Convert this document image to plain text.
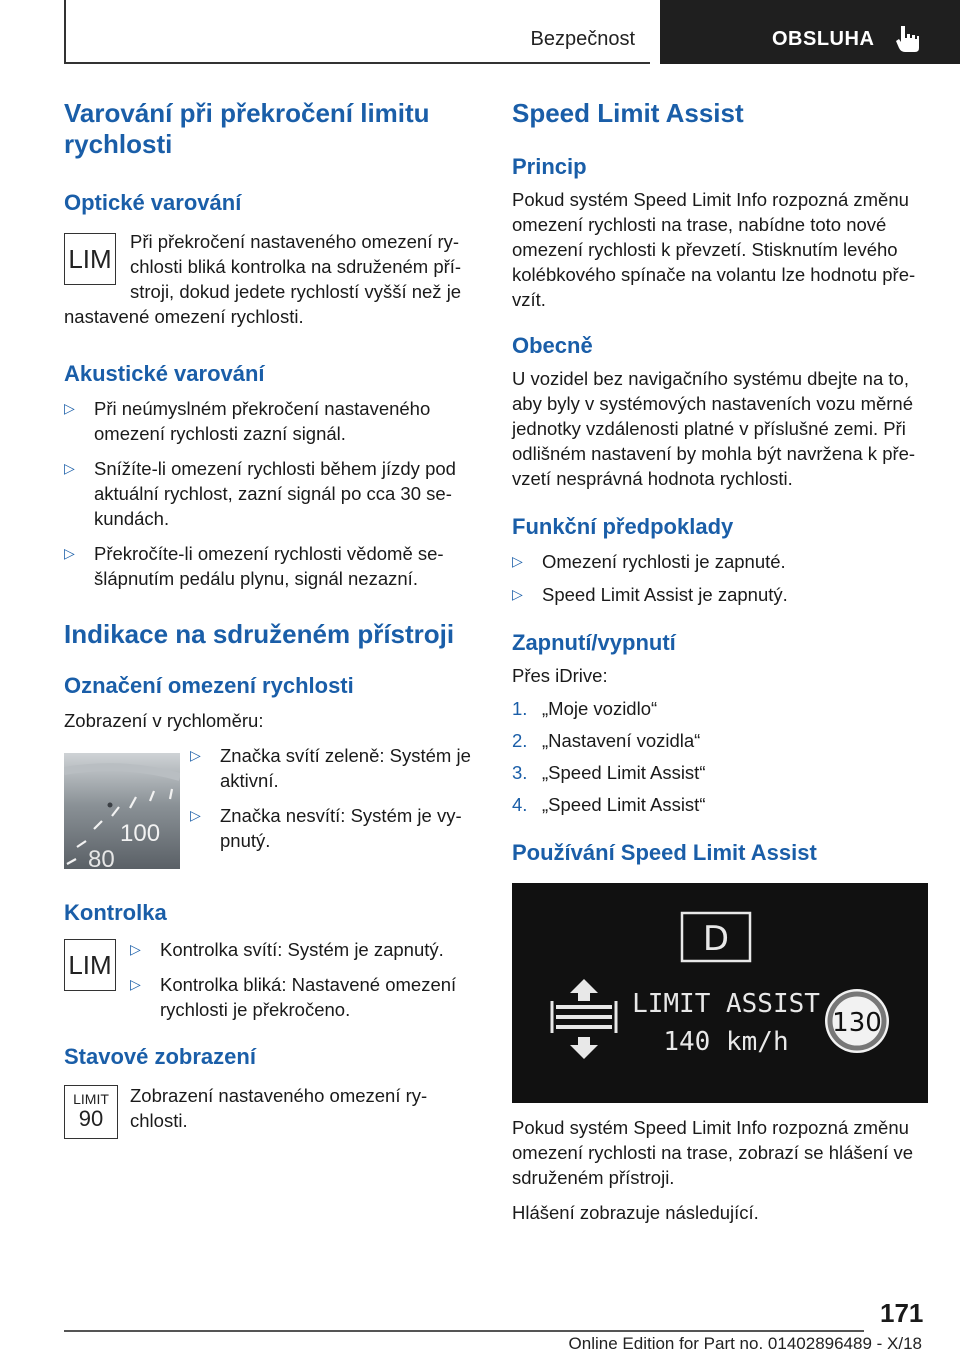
Bezpečnost	OBSLUHA
Varování při překročení limitu rychlosti
Optické varování
LIM

Při překročení nastaveného omezení ry-chlosti bliká kontrolka na sdruženém pří-stroji, dokud jedete rychlostí vyšší než je

nastavené omezení rychlosti.

Akustické varování
▷ Při neúmyslném překročení nastaveného omezení rychlosti zazní signál.
▷ Snížíte-li omezení rychlosti během jízdy pod aktuální rychlost, zazní signál po cca 30 se-kundách.
▷ Překročíte-li omezení rychlosti vědomě se-šlápnutím pedálu plynu, signál nezazní.
Indikace na sdruženém přístroji
Označení omezení rychlosti

Zobrazení v rychloměru:

100
80
▷ Značka svítí zeleně: Systém je aktivní.
▷ Značka nesvítí: Systém je vy-pnutý.
Kontrolka
LIM
▷ Kontrolka svítí: Systém je zapnutý.
▷ Kontrolka bliká: Nastavené omezení rychlosti je překročeno.
Stavové zobrazení
LIMIT
90

Zobrazení nastaveného omezení ry-chlosti.

Speed Limit Assist
Princip

Pokud systém Speed Limit Info rozpozná změnu omezení rychlosti na trase, nabídne toto nové omezení rychlosti k převzetí. Stisknutím levého kolébkového spínače na volantu lze hodnotu pře-vzít.

Obecně

U vozidel bez navigačního systému dbejte na to, aby byly v systémových nastaveních vozu měrné jednotky vzdálenosti platné v příslušné zemi. Při odlišném nastavení by mohla být navržena k pře-vzetí nesprávná hodnota rychlosti.

Funkční předpoklady
▷ Omezení rychlosti je zapnuté.
▷ Speed Limit Assist je zapnutý.
Zapnutí/vypnutí

Přes iDrive:

1. „Moje vozidlo“
2. „Nastavení vozidla“
3. „Speed Limit Assist“
4. „Speed Limit Assist“
Používání Speed Limit Assist
D
LIMIT ASSIST
140 km/h
130

Pokud systém Speed Limit Info rozpozná změnu omezení rychlosti na trase, zobrazí se hlášení ve sdruženém přístroji.

Hlášení zobrazuje následující.

171
Online Edition for Part no. 01402896489 - X/18
